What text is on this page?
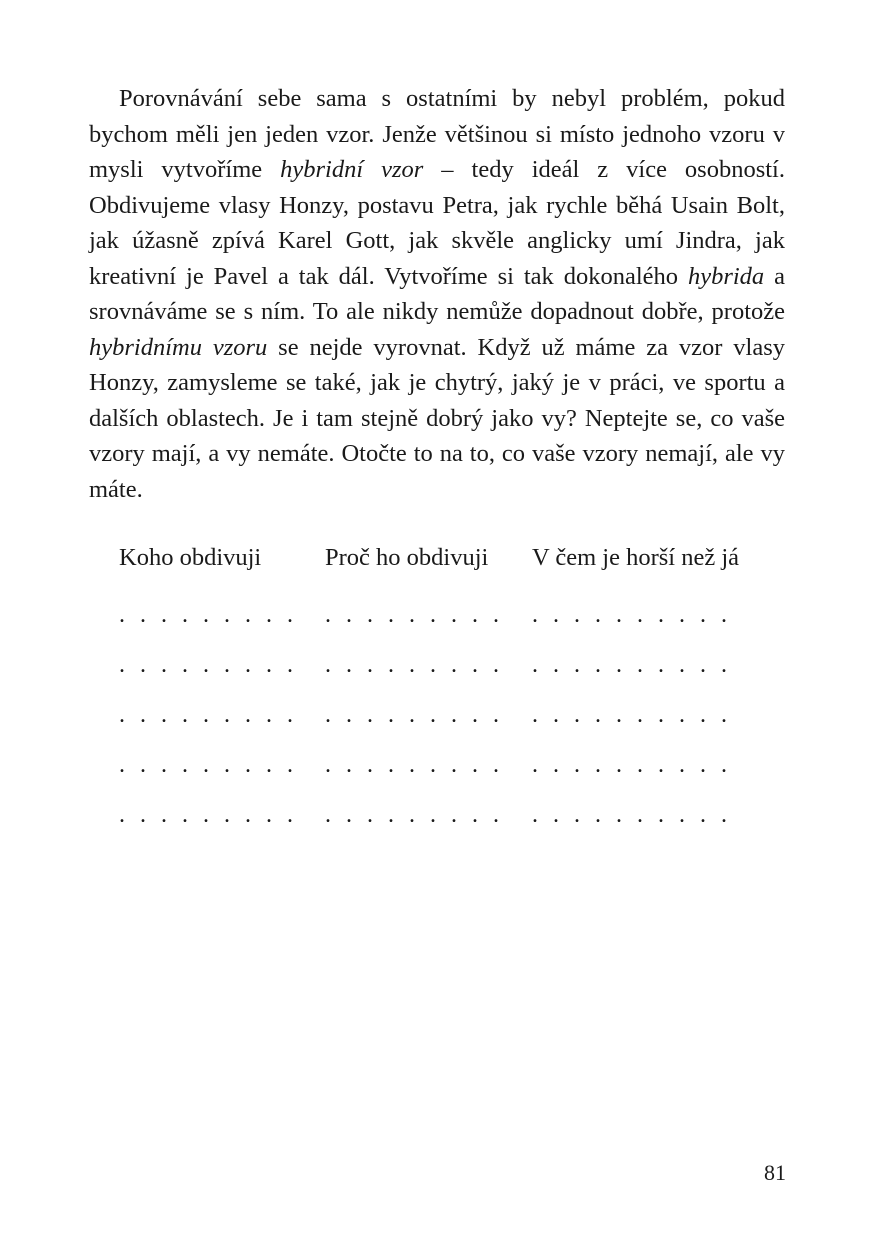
Porovnávání sebe sama s ostatními by nebyl problém, pokud bychom měli jen jeden vzor. Jenže většinou si místo jednoho vzoru v mysli vytvoříme hybridní vzor – tedy ideál z více osobností. Obdivujeme vlasy Honzy, postavu Petra, jak rychle běhá Usain Bolt, jak úžasně zpívá Karel Gott, jak skvěle anglicky umí Jindra, jak kreativní je Pavel a tak dál. Vytvoříme si tak dokonalého hybrida a srovnáváme se s ním. To ale nikdy nemůže dopadnout dobře, protože hybridnímu vzoru se nejde vyrovnat. Když už máme za vzor vlasy Honzy, zamysleme se také, jak je chytrý, jaký je v práci, ve sportu a dalších oblastech. Je i tam stejně dobrý jako vy? Neptejte se, co vaše vzory mají, a vy nemáte. Otočte to na to, co vaše vzory nemají, ale vy máte.

Koho obdivuji	Proč ho obdivuji V čem je horší než já
. . . . . . . . . . . . . . . . . . . . . . . . . . . .
. . . . . . . . . . . . . . . . . . . . . . . . . . . .
. . . . . . . . . . . . . . . . . . . . . . . . . . . .
. . . . . . . . . . . . . . . . . . . . . . . . . . . .
. . . . . . . . . . . . . . . . . . . . . . . . . . . .
81
